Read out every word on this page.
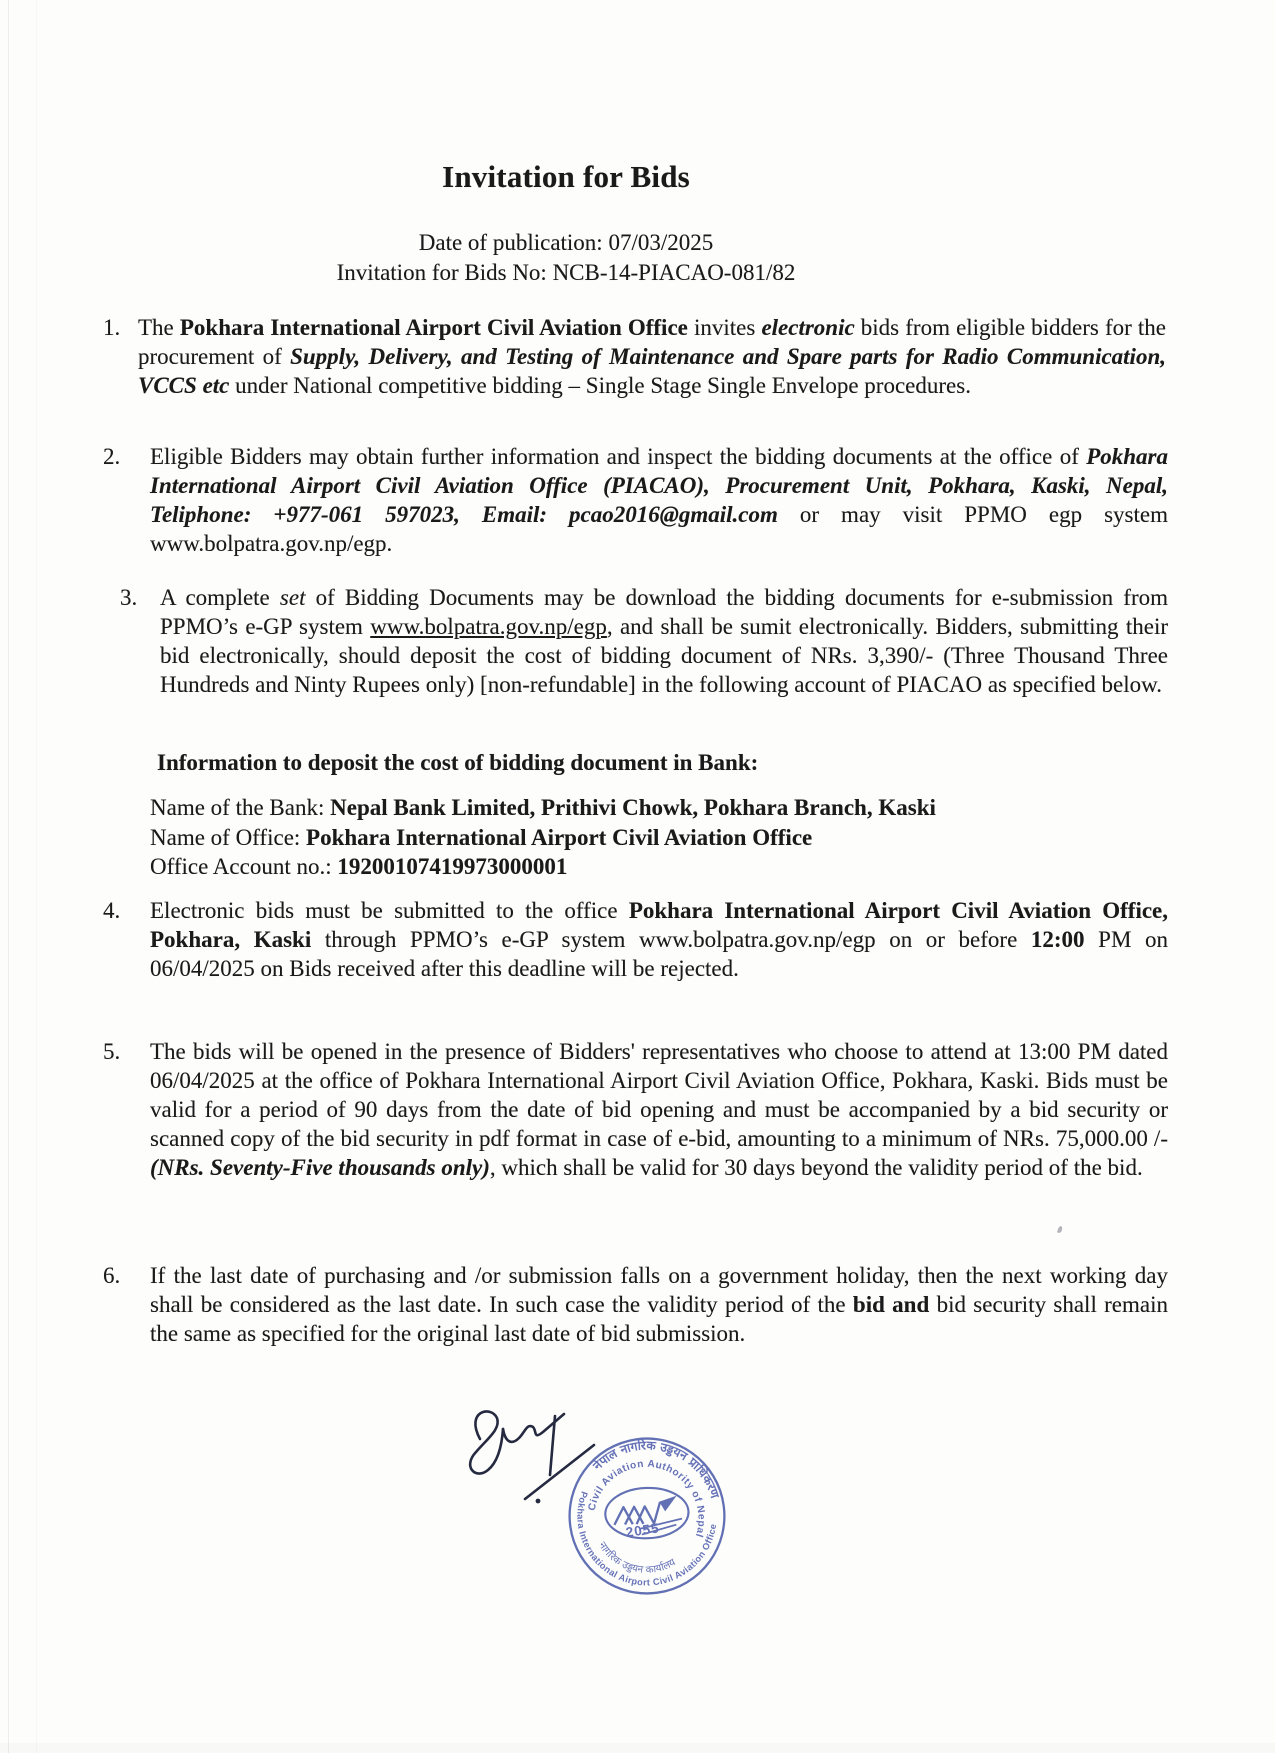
Invitation for Bids
Date of publication: 07/03/2025
Invitation for Bids No: NCB-14-PIACAO-081/82
1. The Pokhara International Airport Civil Aviation Office invites electronic bids from eligible bidders for the procurement of Supply, Delivery, and Testing of Maintenance and Spare parts for Radio Communication, VCCS etc under National competitive bidding – Single Stage Single Envelope procedures.
2.	Eligible Bidders may obtain further information and inspect the bidding documents at the office of Pokhara International Airport Civil Aviation Office (PIACAO), Procurement Unit, Pokhara, Kaski, Nepal, Teliphone: +977-061 597023, Email: pcao2016@gmail.com or may visit PPMO egp system www.bolpatra.gov.np/egp.
3. A complete set of Bidding Documents may be download the bidding documents for e-submission from PPMO’s e-GP system www.bolpatra.gov.np/egp, and shall be sumit electronically. Bidders, submitting their bid electronically, should deposit the cost of bidding document of NRs. 3,390/- (Three Thousand Three Hundreds and Ninty Rupees only) [non-refundable] in the following account of PIACAO as specified below.
Information to deposit the cost of bidding document in Bank:
Name of the Bank: Nepal Bank Limited, Prithivi Chowk, Pokhara Branch, Kaski
Name of Office: Pokhara International Airport Civil Aviation Office
Office Account no.: 19200107419973000001
4.	Electronic bids must be submitted to the office Pokhara International Airport Civil Aviation Office, Pokhara, Kaski through PPMO’s e-GP system www.bolpatra.gov.np/egp on or before 12:00 PM on 06/04/2025 on Bids received after this deadline will be rejected.
5.	The bids will be opened in the presence of Bidders' representatives who choose to attend at 13:00 PM dated 06/04/2025 at the office of Pokhara International Airport Civil Aviation Office, Pokhara, Kaski. Bids must be valid for a period of 90 days from the date of bid opening and must be accompanied by a bid security or scanned copy of the bid security in pdf format in case of e-bid, amounting to a minimum of NRs. 75,000.00 /- (NRs. Seventy-Five thousands only), which shall be valid for 30 days beyond the validity period of the bid.
6.	If the last date of purchasing and /or submission falls on a government holiday, then the next working day shall be considered as the last date. In such case the validity period of the bid and bid security shall remain the same as specified for the original last date of bid submission.
नेपाल नागरिक उड्डयन प्राधिकरण
Civil Aviation Authority of Nepal
Pokhara International Airport Civil Aviation Office
नागरिक उड्डयन कार्यालय
2055
